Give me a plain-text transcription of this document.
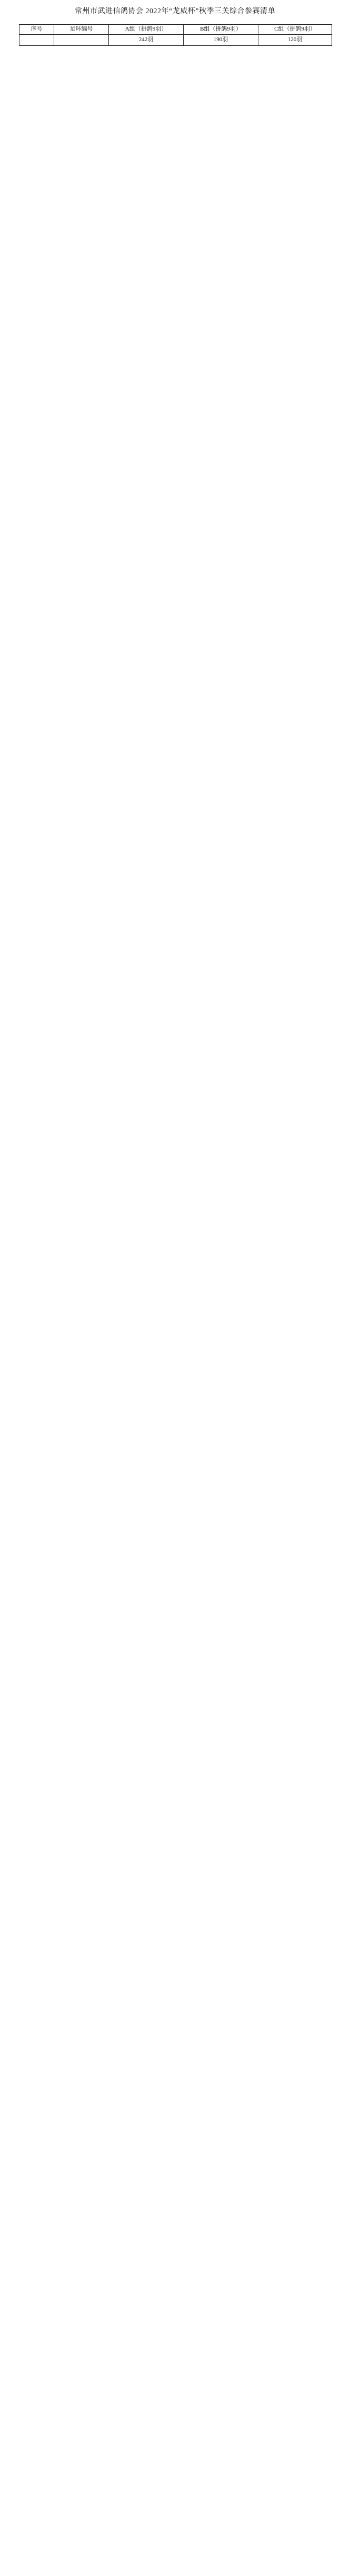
常州市武进信鸽协会 2022年“龙威杯”秋季三关综合参赛清单
序号	足环编号	A组（拼鸽9羽）	B组（拼鸽9羽）	C组（拼鸽9羽）
		242羽	190羽	120羽
